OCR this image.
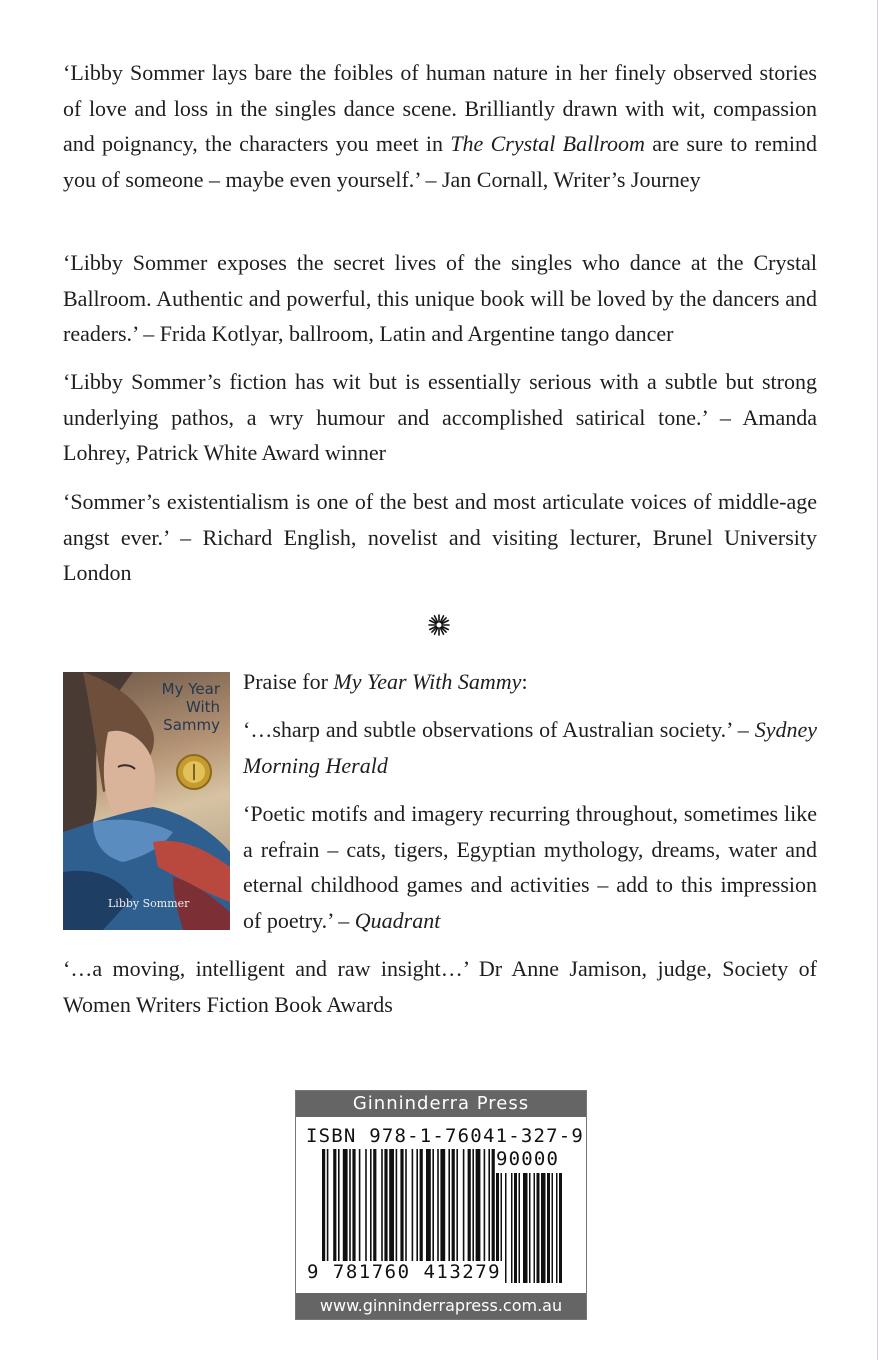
‘Libby Sommer lays bare the foibles of human nature in her finely observed stories of love and loss in the singles dance scene. Brilliantly drawn with wit, compassion and poignancy, the characters you meet in The Crystal Ballroom are sure to remind you of someone – maybe even yourself.’ – Jan Cornall, Writer’s Journey

‘Libby Sommer exposes the secret lives of the singles who dance at the Crystal Ballroom. Authentic and powerful, this unique book will be loved by the dancers and readers.’ – Frida Kotlyar, ballroom, Latin and Argentine tango dancer

‘Libby Sommer’s fiction has wit but is essentially serious with a subtle but strong underlying pathos, a wry humour and accomplished satirical tone.’ – Amanda Lohrey, Patrick White Award winner

‘Sommer’s existentialism is one of the best and most articulate voices of middle-age angst ever.’ – Richard English, novelist and visiting lecturer, Brunel University London

My Year
With
Sammy
Libby Sommer

Praise for My Year With Sammy:

‘…sharp and subtle observations of Australian society.’ – Sydney Morning Herald

‘Poetic motifs and imagery recurring throughout, sometimes like a refrain – cats, tigers, Egyptian mythology, dreams, water and eternal childhood games and activities – add to this impression of poetry.’ – Quadrant

‘…a moving, intelligent and raw insight…’ Dr Anne Jamison, judge, Society of Women Writers Fiction Book Awards

Ginninderra Press
ISBN 978-1-76041-327-9
90000
9 781760 413279
www.ginninderrapress.com.au
